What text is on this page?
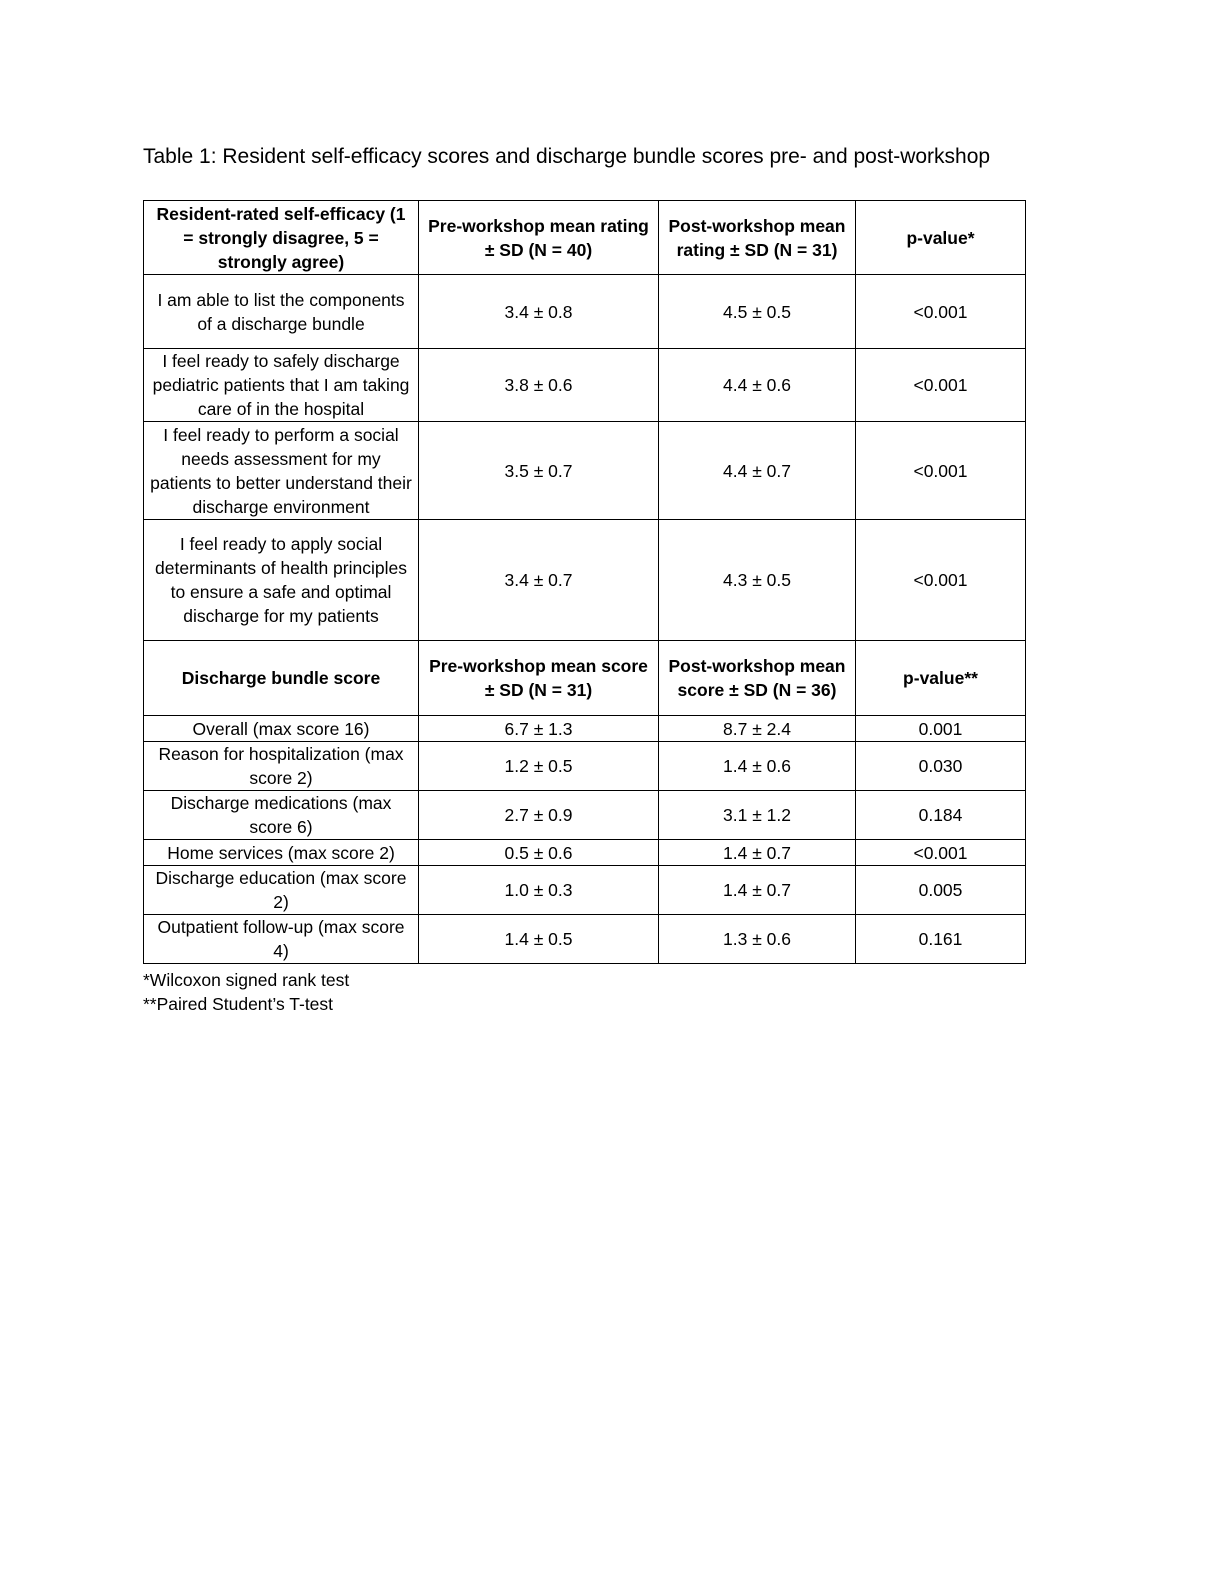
Table 1: Resident self-efficacy scores and discharge bundle scores pre- and post-workshop
Resident-rated self-efficacy (1 = strongly disagree, 5 = strongly agree)	Pre-workshop mean rating ± SD (N = 40)	Post-workshop mean rating ± SD (N = 31)	p-value*
I am able to list the components of a discharge bundle	3.4 ± 0.8	4.5 ± 0.5	<0.001
I feel ready to safely discharge pediatric patients that I am taking care of in the hospital	3.8 ± 0.6	4.4 ± 0.6	<0.001
I feel ready to perform a social needs assessment for my patients to better understand their discharge environment	3.5 ± 0.7	4.4 ± 0.7	<0.001
I feel ready to apply social determinants of health principles to ensure a safe and optimal discharge for my patients	3.4 ± 0.7	4.3 ± 0.5	<0.001
Discharge bundle score	Pre-workshop mean score ± SD (N = 31)	Post-workshop mean score ± SD (N = 36)	p-value**
Overall (max score 16)	6.7 ± 1.3	8.7 ± 2.4	0.001
Reason for hospitalization (max score 2)	1.2 ± 0.5	1.4 ± 0.6	0.030
Discharge medications (max score 6)	2.7 ± 0.9	3.1 ± 1.2	0.184
Home services (max score 2)	0.5 ± 0.6	1.4 ± 0.7	<0.001
Discharge education (max score 2)	1.0 ± 0.3	1.4 ± 0.7	0.005
Outpatient follow-up (max score 4)	1.4 ± 0.5	1.3 ± 0.6	0.161
*Wilcoxon signed rank test
**Paired Student’s T-test
